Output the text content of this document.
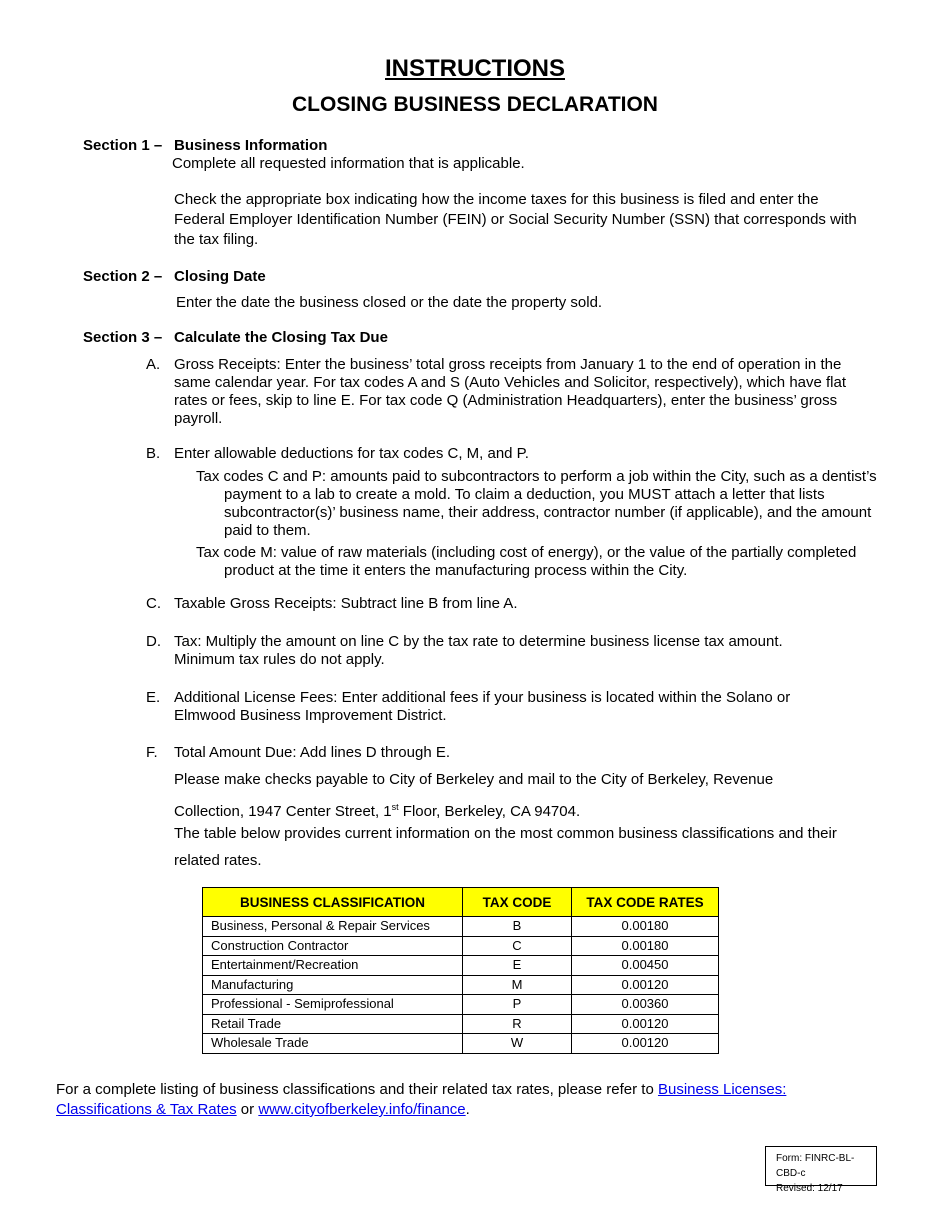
INSTRUCTIONS
CLOSING BUSINESS DECLARATION
Section 1 – Business Information
Complete all requested information that is applicable.
Check the appropriate box indicating how the income taxes for this business is filed and enter the Federal Employer Identification Number (FEIN) or Social Security Number (SSN) that corresponds with the tax filing.
Section 2 – Closing Date
Enter the date the business closed or the date the property sold.
Section 3 – Calculate the Closing Tax Due
A. Gross Receipts: Enter the business’ total gross receipts from January 1 to the end of operation in the same calendar year. For tax codes A and S (Auto Vehicles and Solicitor, respectively), which have flat rates or fees, skip to line E. For tax code Q (Administration Headquarters), enter the business’ gross payroll.
B. Enter allowable deductions for tax codes C, M, and P.
Tax codes C and P: amounts paid to subcontractors to perform a job within the City, such as a dentist’s payment to a lab to create a mold. To claim a deduction, you MUST attach a letter that lists subcontractor(s)’ business name, their address, contractor number (if applicable), and the amount paid to them.
Tax code M: value of raw materials (including cost of energy), or the value of the partially completed product at the time it enters the manufacturing process within the City.
C. Taxable Gross Receipts: Subtract line B from line A.
D. Tax: Multiply the amount on line C by the tax rate to determine business license tax amount. Minimum tax rules do not apply.
E. Additional License Fees: Enter additional fees if your business is located within the Solano or Elmwood Business Improvement District.
F. Total Amount Due: Add lines D through E.
Please make checks payable to City of Berkeley and mail to the City of Berkeley, Revenue
Collection, 1947 Center Street, 1st Floor, Berkeley, CA 94704.
The table below provides current information on the most common business classifications and their
related rates.
BUSINESS CLASSIFICATION	TAX CODE	TAX CODE RATES
Business, Personal & Repair Services	B	0.00180
Construction Contractor	C	0.00180
Entertainment/Recreation	E	0.00450
Manufacturing	M	0.00120
Professional - Semiprofessional	P	0.00360
Retail Trade	R	0.00120
Wholesale Trade	W	0.00120
For a complete listing of business classifications and their related tax rates, please refer to Business Licenses: Classifications & Tax Rates or www.cityofberkeley.info/finance.
Form: FINRC-BL-CBD-c
Revised: 12/17
